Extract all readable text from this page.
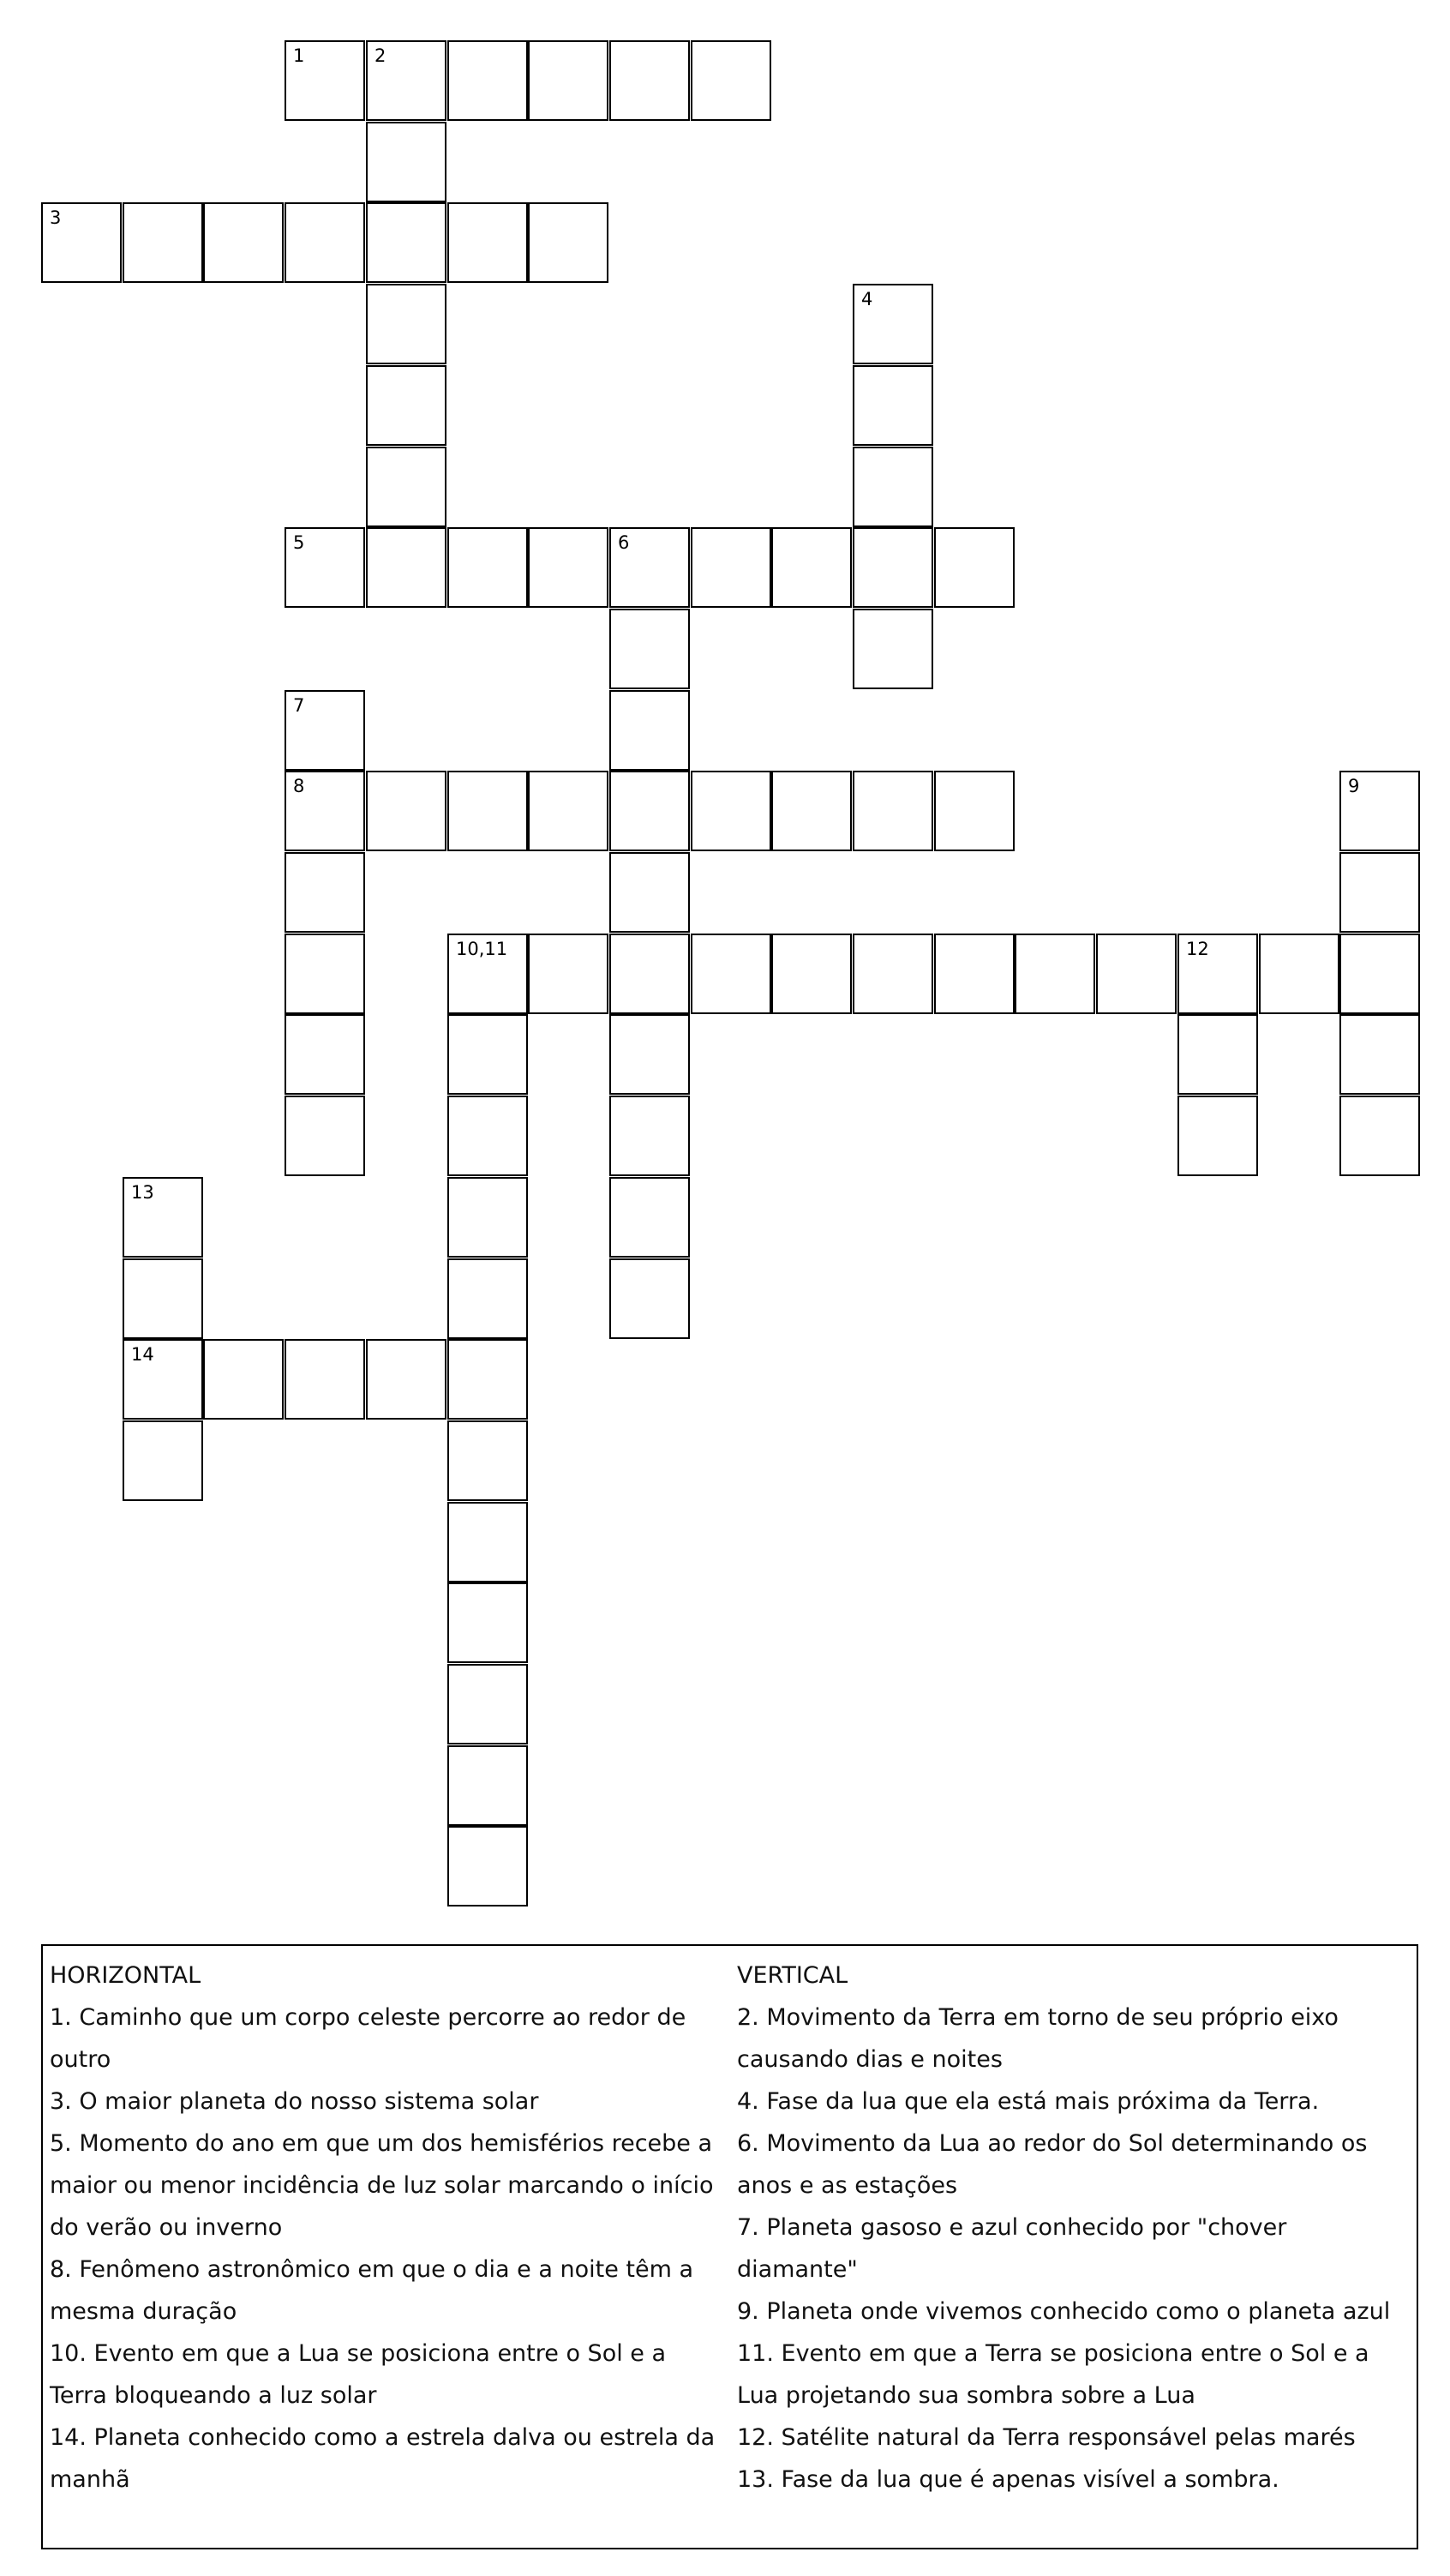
1	2
3
4
5	6
7
8	9
10,11	12
13
14

HORIZONTAL

1. Caminho que um corpo celeste percorre ao redor de outro

3. O maior planeta do nosso sistema solar

5. Momento do ano em que um dos hemisférios recebe a maior ou menor incidência de luz solar marcando o início do verão ou inverno

8. Fenômeno astronômico em que o dia e a noite têm a mesma duração

10. Evento em que a Lua se posiciona entre o Sol e a Terra bloqueando a luz solar

14. Planeta conhecido como a estrela dalva ou estrela da manhã

VERTICAL

2. Movimento da Terra em torno de seu próprio eixo causando dias e noites

4. Fase da lua que ela está mais próxima da Terra.

6. Movimento da Lua ao redor do Sol determinando os anos e as estações

7. Planeta gasoso e azul conhecido por "chover diamante"

9. Planeta onde vivemos conhecido como o planeta azul

11. Evento em que a Terra se posiciona entre o Sol e a Lua projetando sua sombra sobre a Lua

12. Satélite natural da Terra responsável pelas marés

13. Fase da lua que é apenas visível a sombra.
